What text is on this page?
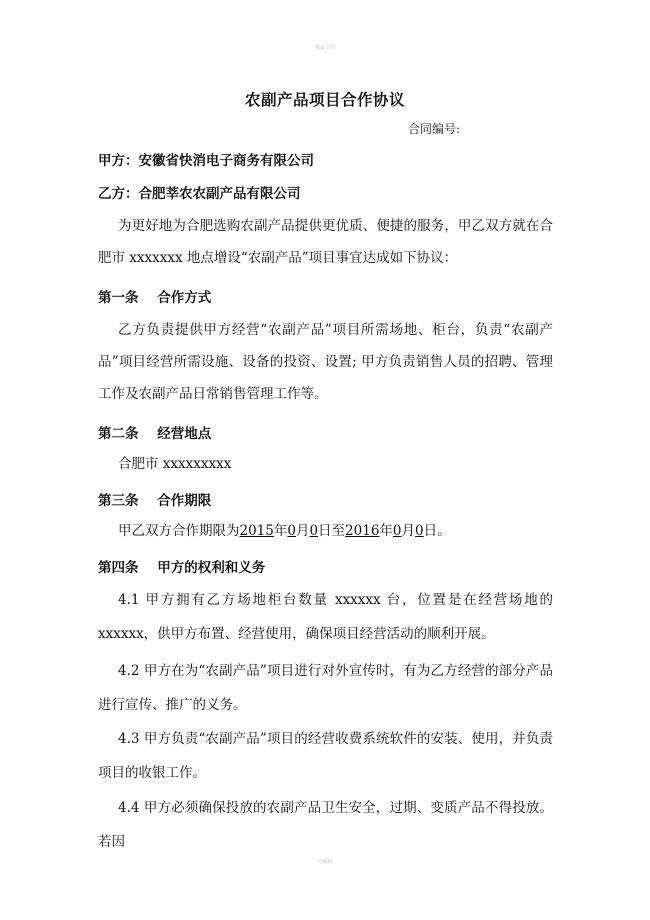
精品文档
农副产品项目合作协议
合同编号:
甲方：安徽省快消电子商务有限公司
乙方：合肥莘农农副产品有限公司

为更好地为合肥选购农副产品提供更优质、便捷的服务，甲乙双方就在合肥市 xxxxxxx 地点增设“农副产品”项目事宜达成如下协议：

第一条    合作方式

乙方负责提供甲方经营“农副产品”项目所需场地、柜台，负责“农副产品”项目经营所需设施、设备的投资、设置; 甲方负责销售人员的招聘、管理工作及农副产品日常销售管理工作等。

第二条    经营地点

合肥市 xxxxxxxxx

第三条    合作期限

甲乙双方合作期限为2015年0月0日至2016年0月0日。

第四条    甲方的权利和义务

4.1 甲方拥有乙方场地柜台数量 xxxxxx 台，位置是在经营场地的 xxxxxx，供甲方布置、经营使用，确保项目经营活动的顺利开展。

4.2 甲方在为“农副产品”项目进行对外宣传时，有为乙方经营的部分产品进行宣传、推广的义务。

4.3 甲方负责“农副产品”项目的经营收费系统软件的安装、使用，并负责项目的收银工作。

4.4 甲方必须确保投放的农副产品卫生安全，过期、变质产品不得投放。若因

可编辑
